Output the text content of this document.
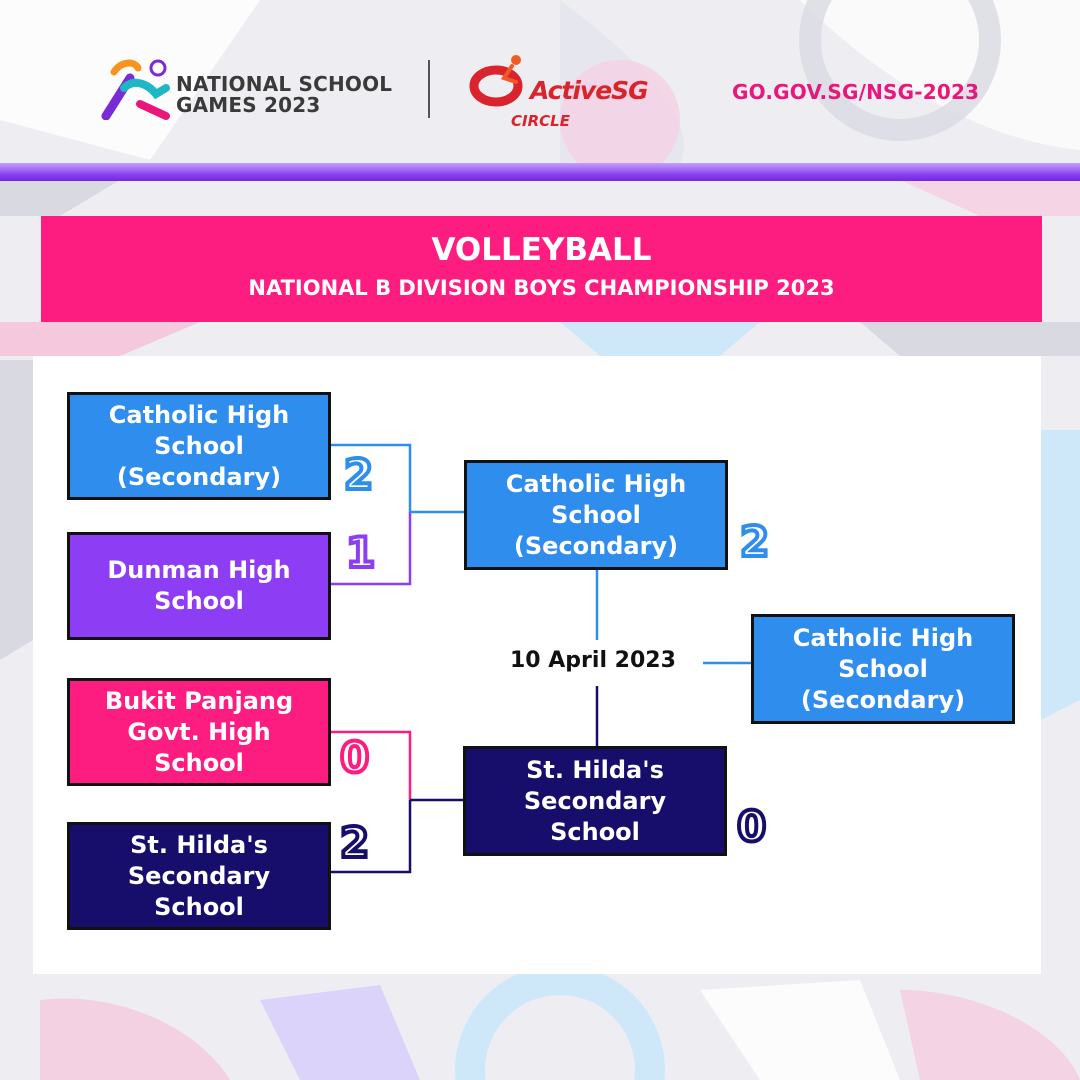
NATIONAL SCHOOL
GAMES 2023	ActiveSG
CIRCLE
GO.GOV.SG/NSG-2023
VOLLEYBALL
NATIONAL B DIVISION BOYS CHAMPIONSHIP 2023
Catholic High
School
(Secondary) 2
Dunman High
School
1
Bukit Panjang
Govt. High
School	0
St. Hilda's
Secondary
School
2
Catholic High
School
(Secondary) 2
10 April 2023
St. Hilda's
Secondary
School	0
Catholic High
School
(Secondary)
